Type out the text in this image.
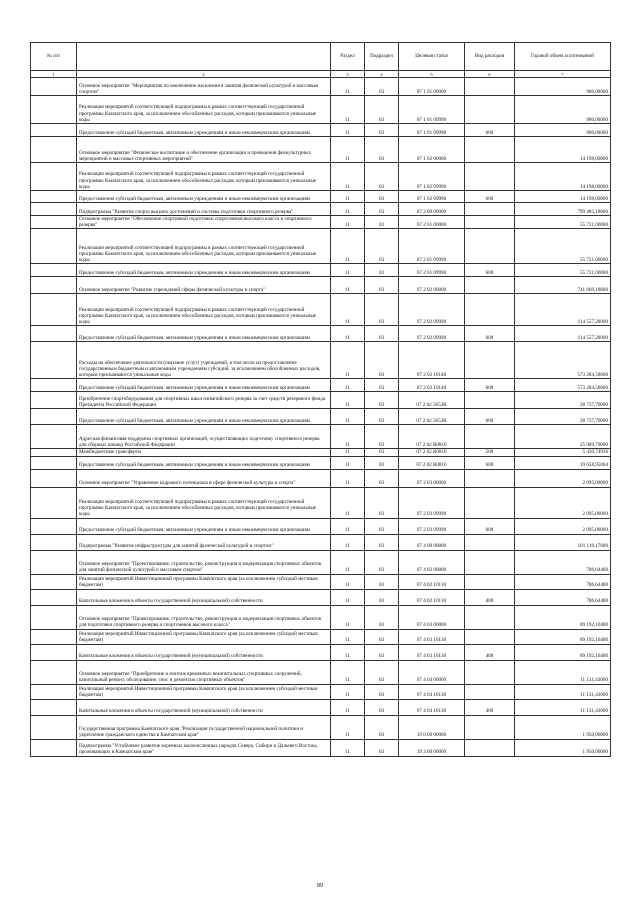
№ п/п		Раздел	Подраздел	Целевая статья	Вид расходов	Годовой объем ассигнований
1	2	3	4	5	6	7
	Основное мероприятие "Мероприятия по вовлечению населения в занятия физической культурой и массовым спортом"	11	03	07 1 01 00000		900,00000
	Реализация мероприятий соответствующей подпрограммы в рамках соответствующей государственной программы Камчатского края, за исключением обособленных расходов, которым присваиваются уникальные коды	11	03	07 1 01 09990		900,00000
	Предоставление субсидий бюджетным, автономным учреждениям и иным некоммерческим организациям	11	03	07 1 01 09990	600	900,00000
	Основное мероприятие "Физическое воспитание и обеспечение организации и проведения физкультурных мероприятий и массовых спортивных мероприятий"	11	03	07 1 02 00000		14 198,00000
	Реализация мероприятий соответствующей подпрограммы в рамках соответствующей государственной программы Камчатского края, за исключением обособленных расходов, которым присваиваются уникальные коды	11	03	07 1 02 09990		14 198,00000
	Предоставление субсидий бюджетным, автономным учреждениям и иным некоммерческим организациям	11	03	07 1 02 09990	600	14 198,00000
	Подпрограмма "Развитие спорта высших достижений и системы подготовки спортивного резерва"	11	03	07 2 00 00000		799 485,18600
	Основное мероприятие "Обеспечение спортивной подготовки спортсменов высокого класса и спортивного резерва"	11	03	07 2 01 00000		55 721,00000
	Реализация мероприятий соответствующей подпрограммы в рамках соответствующей государственной программы Камчатского края, за исключением обособленных расходов, которым присваиваются уникальные коды	11	03	07 2 01 09990		55 721,00000
	Предоставление субсидий бюджетным, автономным учреждениям и иным некоммерческим организациям	11	03	07 2 01 09990	600	55 721,00000
	Основное мероприятие "Развитие учреждений сферы физической культуры и спорта"	11	03	07 2 02 00000		741 669,18600
	Реализация мероприятий соответствующей подпрограммы в рамках соответствующей государственной программы Камчатского края, за исключением обособленных расходов, которым присваиваются уникальные коды	11	03	07 2 02 09990		114 557,20000
	Предоставление субсидий бюджетным, автономным учреждениям и иным некоммерческим организациям	11	03	07 2 02 09990	600	114 557,20000
	Расходы на обеспечение деятельности (оказание услуг) учреждений, в том числе на предоставление государственным бюджетным и автономным учреждениям субсидий, за исключением обособленных расходов, которым присваиваются уникальные коды	11	03	07 2 02 10140		573 284,58600
	Предоставление субсидий бюджетным, автономным учреждениям и иным некоммерческим организациям	11	03	07 2 02 10140	600	573 284,58600
	Приобретение спортоборудования для спортивных школ олимпийского резерва за счет средств резервного фонда Президента Российской Федерации	11	03	07 2 02 5653R		28 737,70000
	Предоставление субсидий бюджетным, автономным учреждениям и иным некоммерческим организациям	11	03	07 2 02 5653R	600	28 737,70000
	Адресная финансовая поддержка спортивных организаций, осуществляющих подготовку спортивного резерва для сборных команд Российской Федерации	11	03	07 2 02 R0810		25 089,70000
	Межбюджетные трансферты	11	03	07 2 02 R0810	500	5 430,74936
	Предоставление субсидий бюджетным, автономным учреждениям и иным некоммерческим организациям	11	03	07 2 02 R0810	600	19 658,95064
	Основное мероприятие "Управление кадрового потенциала в сфере физической культуры и спорта"	11	03	07 2 03 00000		2 095,00000
	Реализация мероприятий соответствующей подпрограммы в рамках соответствующей государственной программы Камчатского края, за исключением обособленных расходов, которым присваиваются уникальные коды	11	03	07 2 03 09990		2 095,00000
	Предоставление субсидий бюджетным, автономным учреждениям и иным некоммерческим организациям	11	03	07 2 03 09990	600	2 095,00000
	Подпрограмма "Развитие инфраструктуры для занятий физической культурой и спортом"	11	03	07 4 00 00000		101 110,17600
	Основное мероприятие "Проектирование, строительство, реконструкция и модернизация спортивных объектов для занятий физической культурой и массовым спортом"	11	03	07 4 02 00000		786,64400
	Реализация мероприятий Инвестиционной программы Камчатского края (за исключением субсидий местным бюджетам)	11	03	07 4 02 10130		786,64400
	Капитальные вложения в объекты государственной (муниципальной) собственности	11	03	07 4 02 10130	400	786,64400
	Основное мероприятие "Проектирование, строительство, реконструкция и модернизация спортивных объектов для подготовки спортивного резерва и спортсменов высокого класса"	11	03	07 4 03 00000		89 192,10400
	Реализация мероприятий Инвестиционной программы Камчатского края (за исключением субсидий местным бюджетам)	11	03	07 4 03 10130		89 192,10400
	Капитальные вложения в объекты государственной (муниципальной) собственности	11	03	07 4 03 10130	400	89 192,10400
	Основное мероприятие "Приобретение и монтаж временных некапитальных спортивных сооружений, капитальный ремонт, обследование, снос и демонтаж спортивных объектов"	11	03	07 4 04 00000		11 131,43000
	Реализация мероприятий Инвестиционной программы Камчатского края (за исключением субсидий местным бюджетам)	11	03	07 4 04 10130		11 131,43000
	Капитальные вложения в объекты государственной (муниципальной) собственности	11	03	07 4 04 10130	400	11 131,43000
	Государственная программа Камчатского края "Реализация государственной национальной политики и укрепление гражданского единства в Камчатском крае"	11	03	19 0 00 00000		1 950,00000
	Подпрограмма "Устойчивое развитие коренных малочисленных народов Севера, Сибири и Дальнего Востока, проживающих в Камчатском крае"	11	03	19 3 00 00000		1 950,00000
89
